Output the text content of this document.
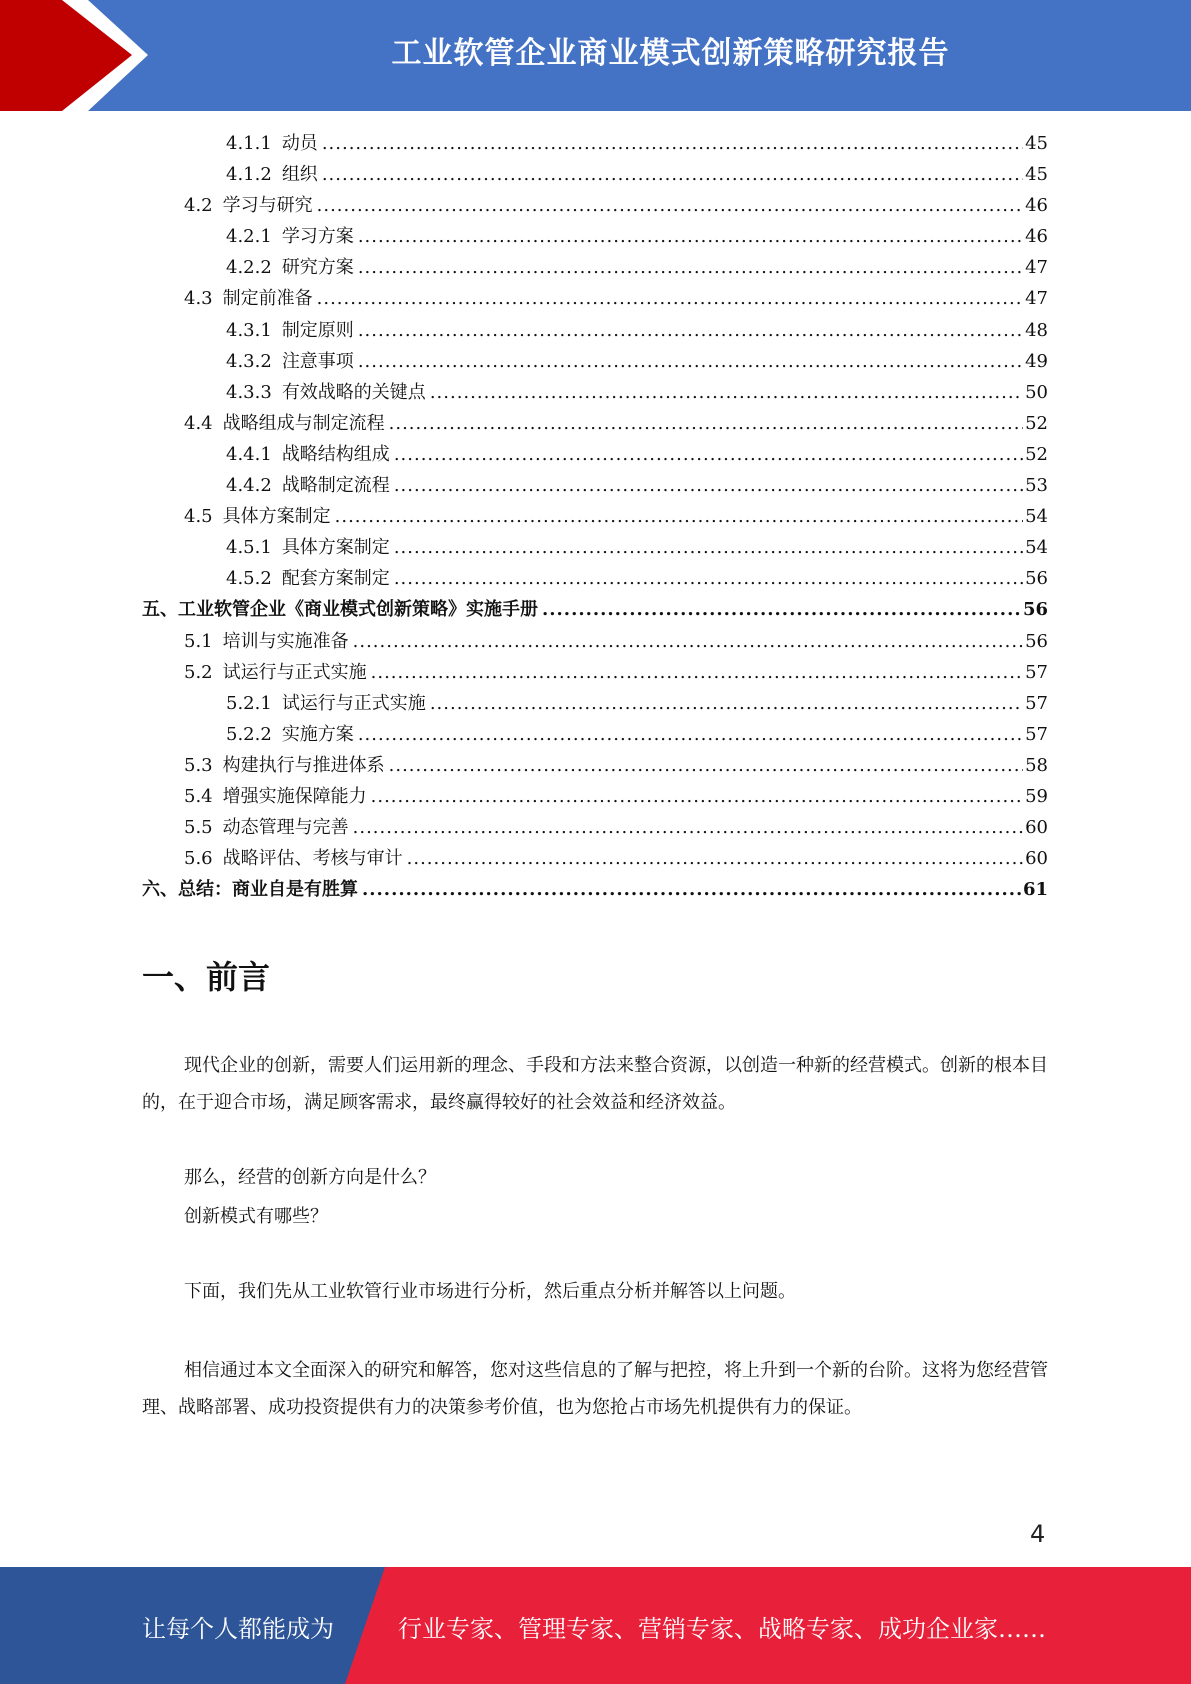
工业软管企业商业模式创新策略研究报告
4.1.1 动员 .....	45
4.1.2 组织 .....	45
4.2 学习与研究 .....	46
4.2.1 学习方案 .....	46
4.2.2 研究方案 .....	47
4.3 制定前准备 .....	47
4.3.1 制定原则 .....	48
4.3.2 注意事项 .....	49
4.3.3 有效战略的关键点 .....	50
4.4 战略组成与制定流程 .....	52
4.4.1 战略结构组成 .....	52
4.4.2 战略制定流程 .....	53
4.5 具体方案制定 .....	54
4.5.1 具体方案制定 .....	54
4.5.2 配套方案制定 .....	56
五、工业软管企业《商业模式创新策略》实施手册 .....	56
5.1 培训与实施准备 .....	56
5.2 试运行与正式实施 .....	57
5.2.1 试运行与正式实施 .....	57
5.2.2 实施方案 .....	57
5.3 构建执行与推进体系 .....	58
5.4 增强实施保障能力 .....	59
5.5 动态管理与完善 .....	60
5.6 战略评估、考核与审计 .....	60
六、总结：商业自是有胜算 .....	61
一、前言

现代企业的创新，需要人们运用新的理念、手段和方法来整合资源，以创造一种新的经营模式。创新的根本目的，在于迎合市场，满足顾客需求，最终赢得较好的社会效益和经济效益。

那么，经营的创新方向是什么？

创新模式有哪些？

下面，我们先从工业软管行业市场进行分析，然后重点分析并解答以上问题。

相信通过本文全面深入的研究和解答，您对这些信息的了解与把控，将上升到一个新的台阶。这将为您经营管理、战略部署、成功投资提供有力的决策参考价值，也为您抢占市场先机提供有力的保证。

4
让每个人都能成为	行业专家、管理专家、营销专家、战略专家、成功企业家……
